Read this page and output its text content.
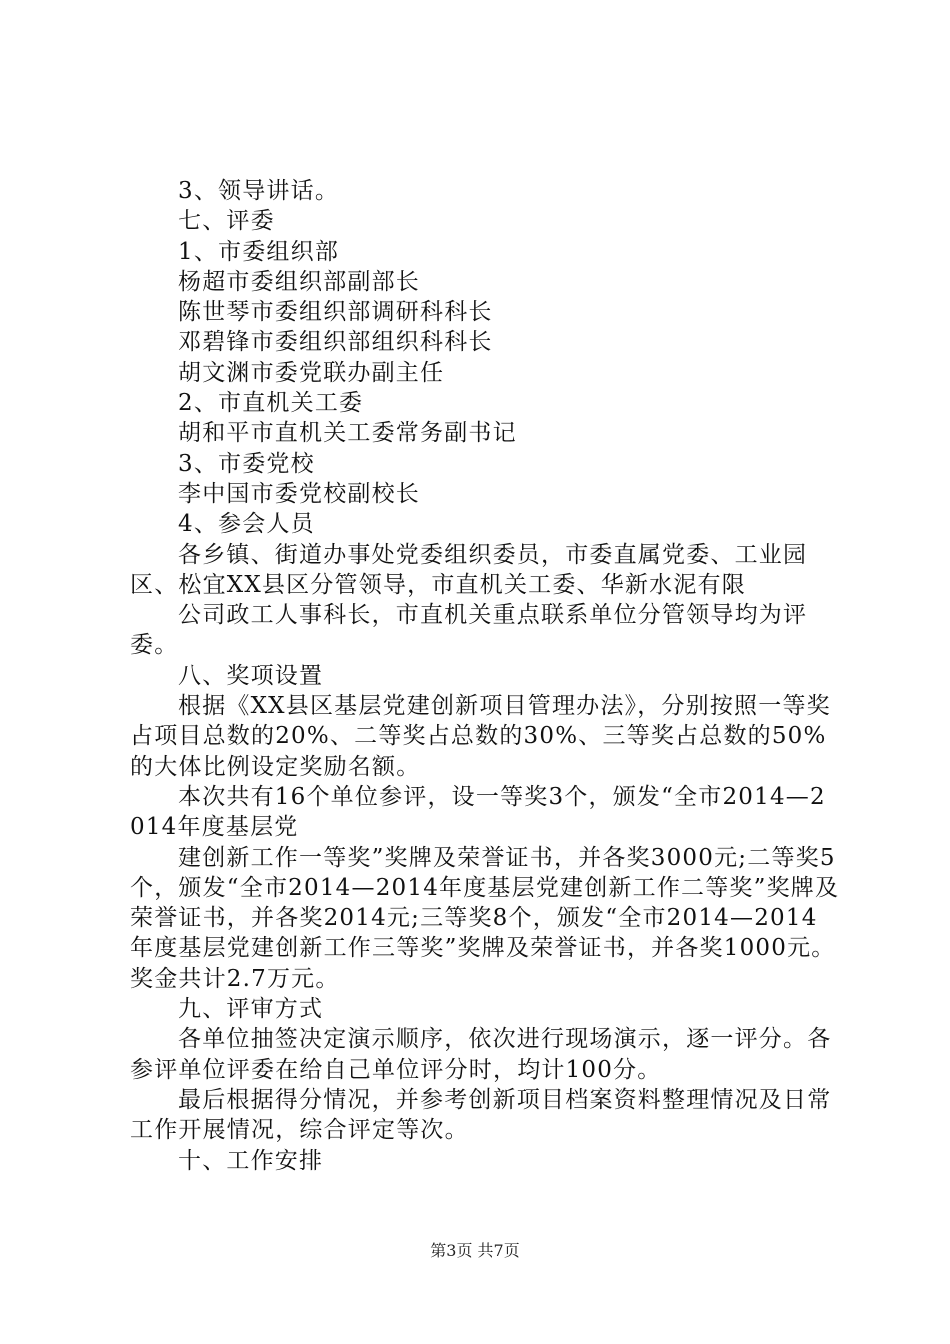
3、领导讲话。

七、评委

1、市委组织部

杨超市委组织部副部长

陈世琴市委组织部调研科科长

邓碧锋市委组织部组织科科长

胡文渊市委党联办副主任

2、市直机关工委

胡和平市直机关工委常务副书记

3、市委党校

李中国市委党校副校长

4、参会人员

各乡镇、街道办事处党委组织委员，市委直属党委、工业园区、松宜XX县区分管领导，市直机关工委、华新水泥有限

公司政工人事科长，市直机关重点联系单位分管领导均为评委。

八、奖项设置

根据《XX县区基层党建创新项目管理办法》，分别按照一等奖占项目总数的20%、二等奖占总数的30%、三等奖占总数的50%的大体比例设定奖励名额。

本次共有16个单位参评，设一等奖3个，颁发“全市2014—2014年度基层党

建创新工作一等奖”奖牌及荣誉证书，并各奖3000元;二等奖5个，颁发“全市2014—2014年度基层党建创新工作二等奖”奖牌及荣誉证书，并各奖2014元;三等奖8个，颁发“全市2014—2014年度基层党建创新工作三等奖”奖牌及荣誉证书，并各奖1000元。奖金共计2.7万元。

九、评审方式

各单位抽签决定演示顺序，依次进行现场演示，逐一评分。各参评单位评委在给自己单位评分时，均计100分。

最后根据得分情况，并参考创新项目档案资料整理情况及日常工作开展情况，综合评定等次。

十、工作安排

第3页 共7页
